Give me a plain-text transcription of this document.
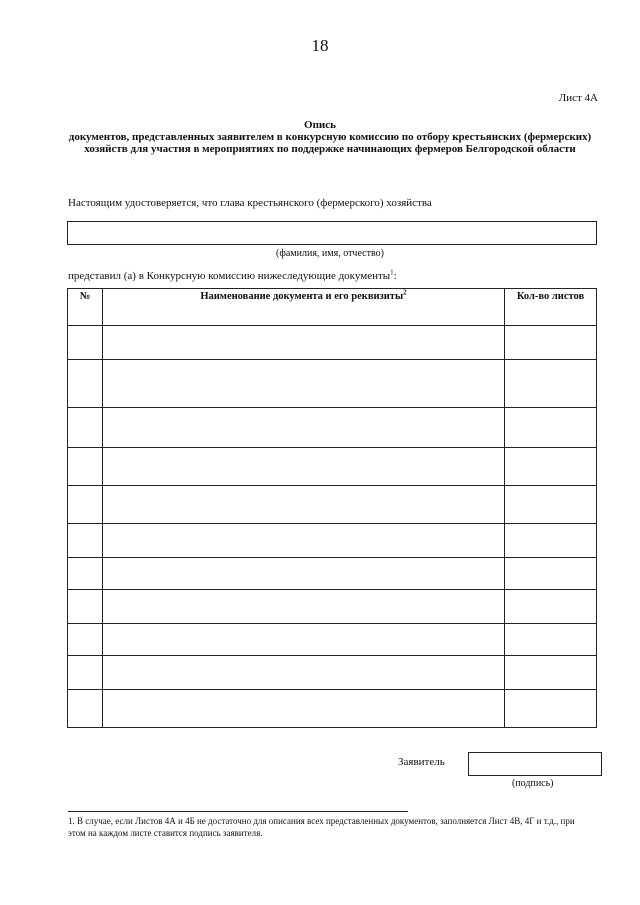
18
Лист 4А
Опись
документов, представленных заявителем в конкурсную комиссию по отбору крестьянских (фермерских) хозяйств для участия в мероприятиях по поддержке начинающих фермеров Белгородской области
Настоящим удостоверяется, что глава крестьянского (фермерского) хозяйства
(фамилия, имя, отчество)
представил (а) в Конкурсную комиссию нижеследующие документы$^1$:
№	Наименование документа и его реквизиты$^2$	Кол-во листов

Заявитель
(подпись)
1. В случае, если Листов 4А и 4Б не достаточно для описания всех представленных документов, заполняется Лист 4В, 4Г и т.д., при этом на каждом листе ставится подпись заявителя.
